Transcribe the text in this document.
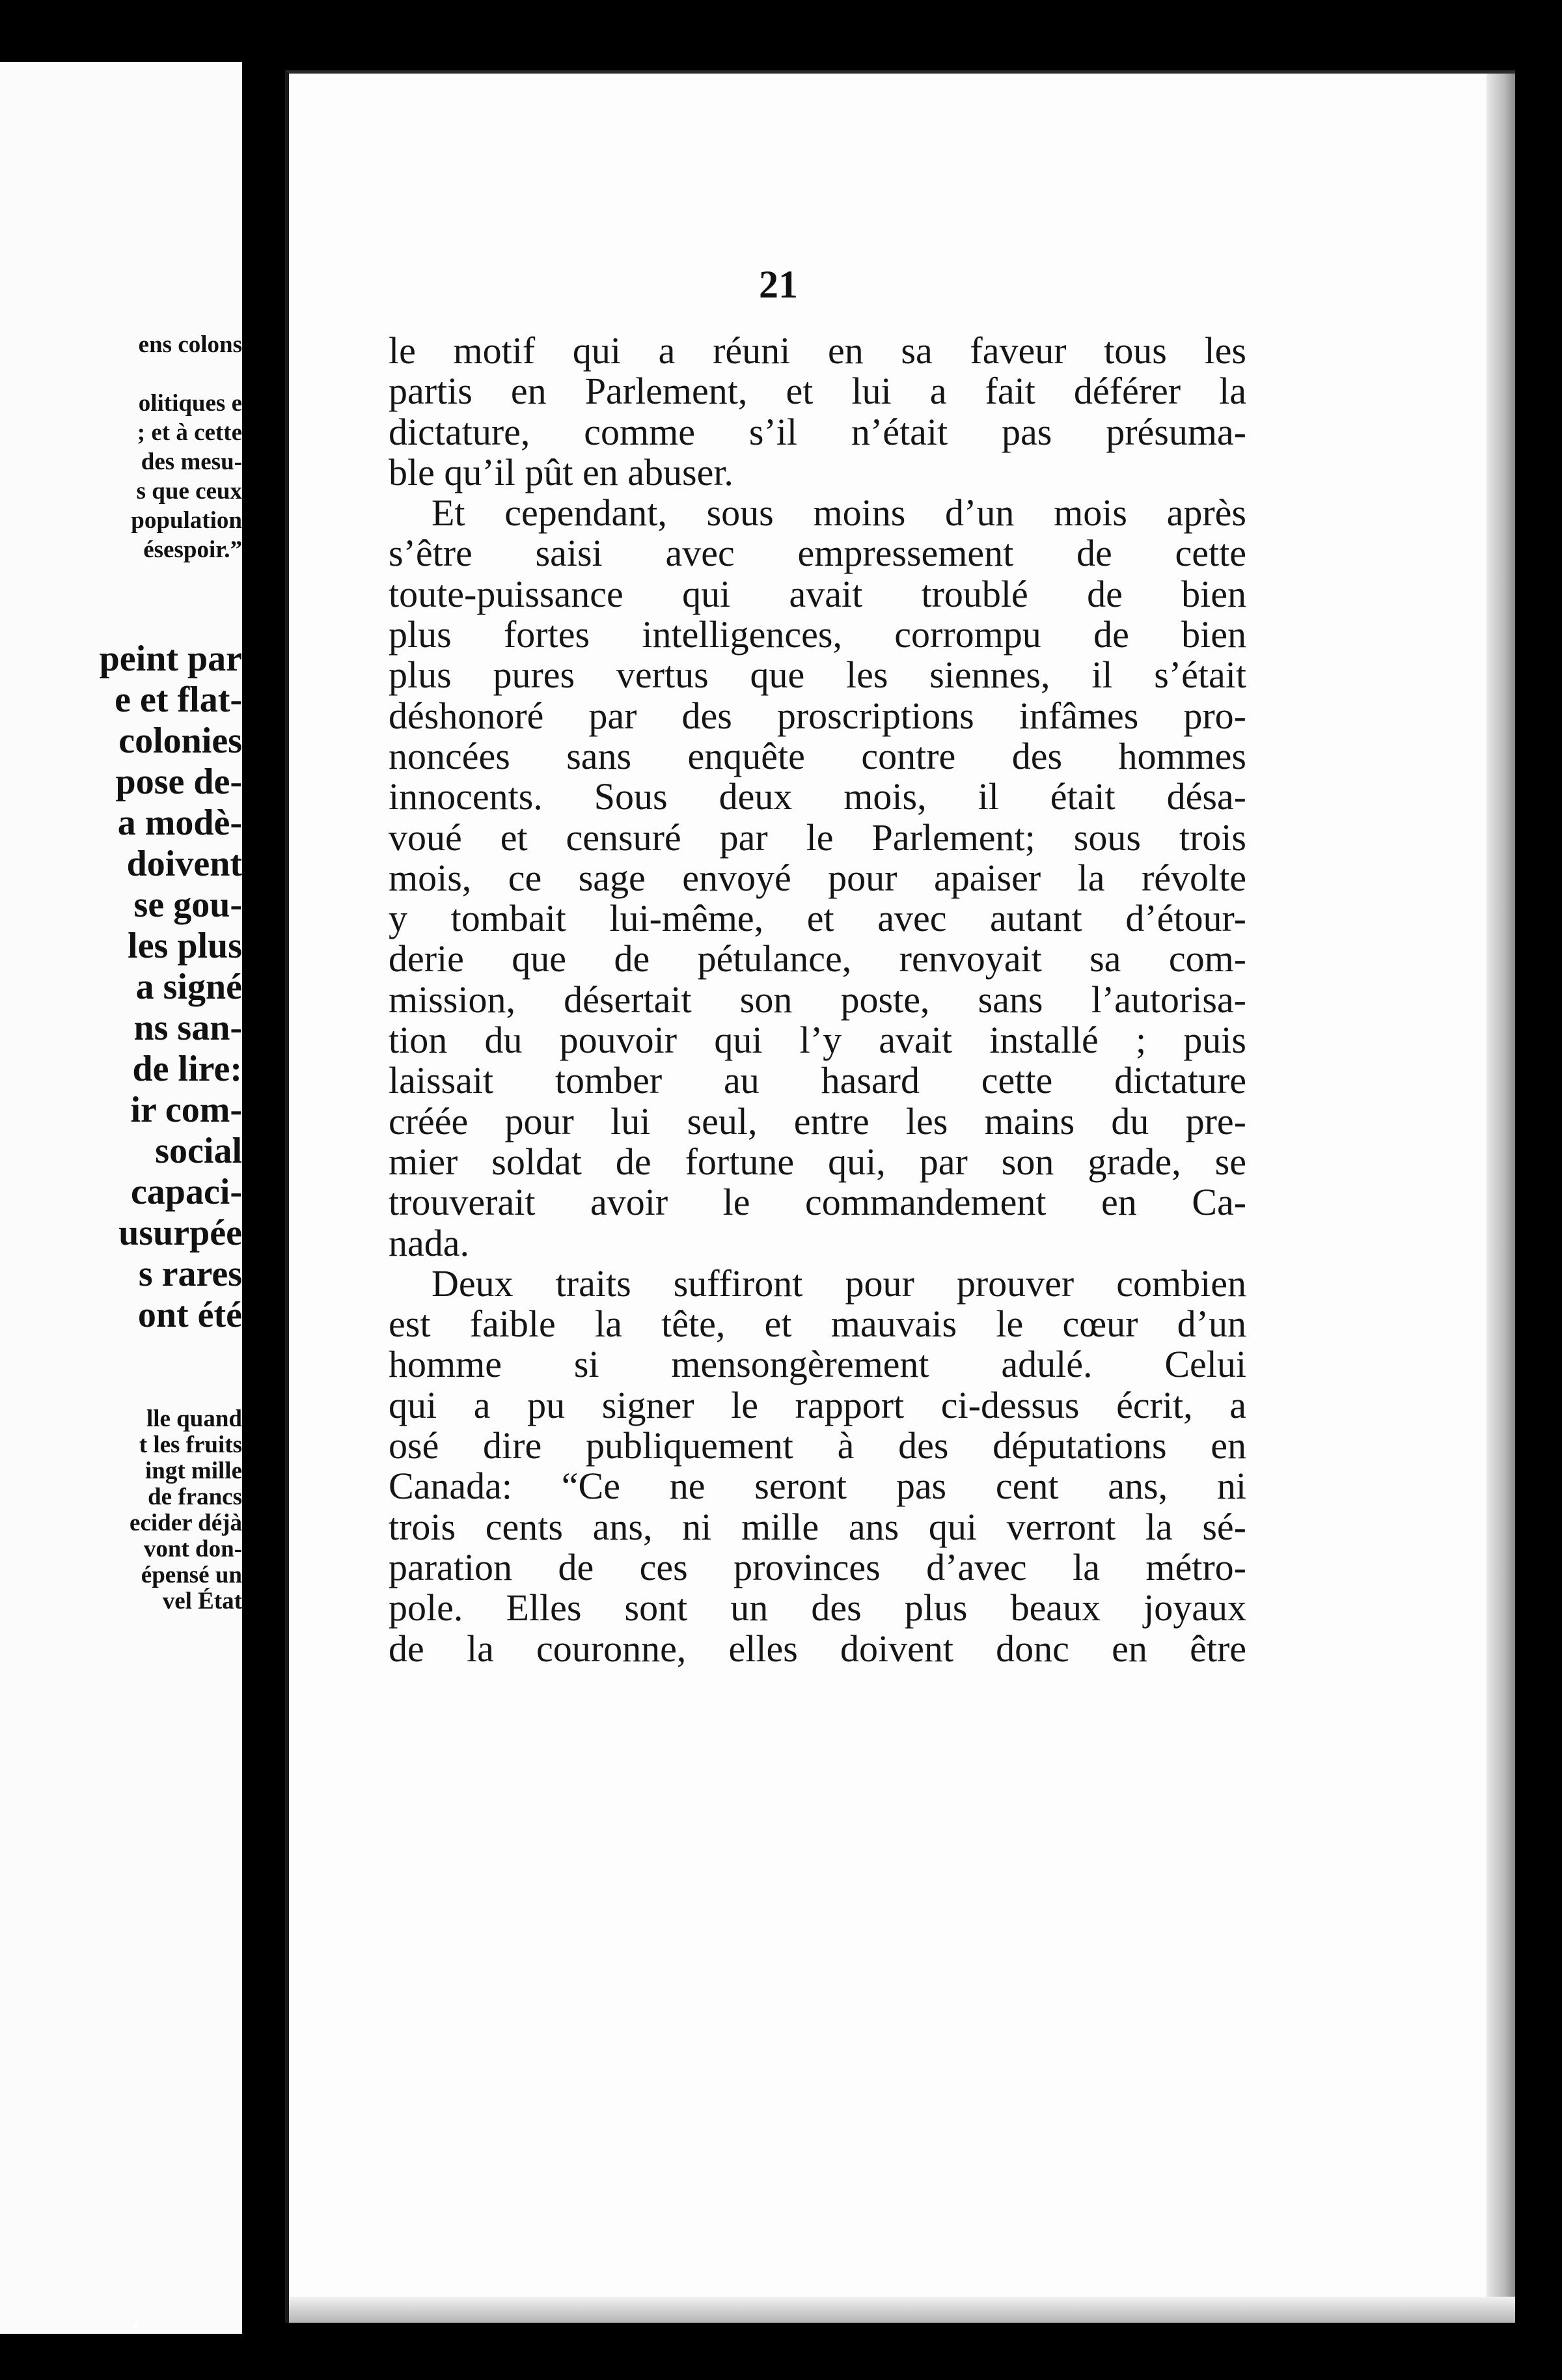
ens colons
olitiques e
; et à cette
des mesu-
s que ceux
population
ésespoir.”
peint par
e et flat-
colonies
pose de-
a modè-
doivent
se gou-
les plus
a signé
ns san-
de lire:
ir com-
social
capaci-
usurpée
s rares
ont été
lle quand
t les fruits
ingt mille
de francs
ecider déjà
vont don-
épensé un
vel État
21
le motif qui a réuni en sa faveur tous les
partis en Parlement, et lui a fait déférer la
dictature, comme s’il n’était pas présuma-
ble qu’il pût en abuser.
Et cependant, sous moins d’un mois après
s’être saisi avec empressement de cette
toute-puissance qui avait troublé de bien
plus fortes intelligences, corrompu de bien
plus pures vertus que les siennes, il s’était
déshonoré par des proscriptions infâmes pro-
noncées sans enquête contre des hommes
innocents. Sous deux mois, il était désa-
voué et censuré par le Parlement; sous trois
mois, ce sage envoyé pour apaiser la révolte
y tombait lui-même, et avec autant d’étour-
derie que de pétulance, renvoyait sa com-
mission, désertait son poste, sans l’autorisa-
tion du pouvoir qui l’y avait installé ; puis
laissait tomber au hasard cette dictature
créée pour lui seul, entre les mains du pre-
mier soldat de fortune qui, par son grade, se
trouverait avoir le commandement en Ca-
nada.
Deux traits suffiront pour prouver combien
est faible la tête, et mauvais le cœur d’un
homme si mensongèrement adulé. Celui
qui a pu signer le rapport ci-dessus écrit, a
osé dire publiquement à des députations en
Canada: “Ce ne seront pas cent ans, ni
trois cents ans, ni mille ans qui verront la sé-
paration de ces provinces d’avec la métro-
pole. Elles sont un des plus beaux joyaux
de la couronne, elles doivent donc en être
